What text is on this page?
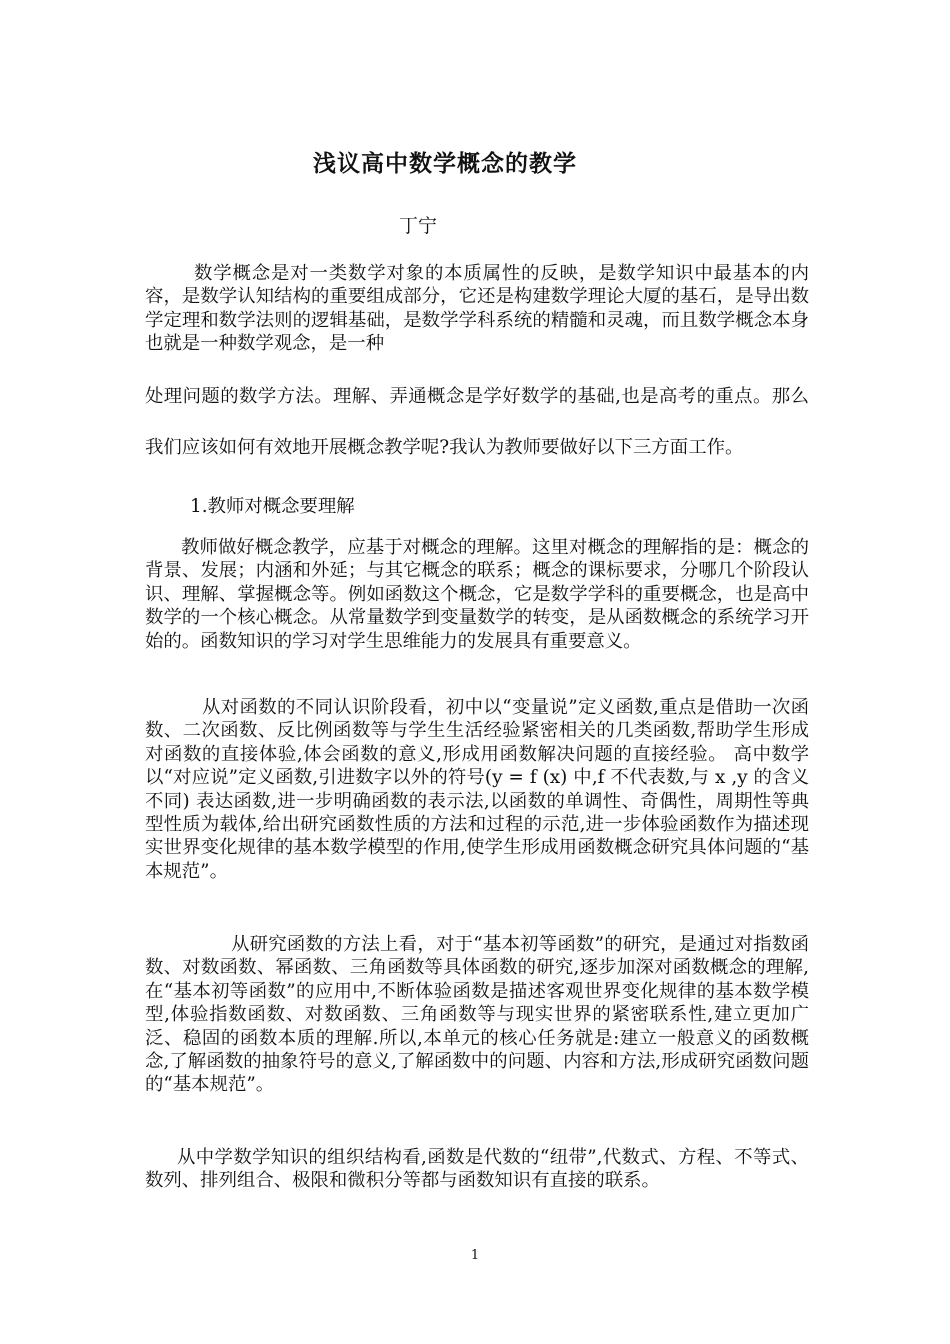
浅议高中数学概念的教学

丁宁

数学概念是对一类数学对象的本质属性的反映，是数学知识中最基本的内容，是数学认知结构的重要组成部分，它还是构建数学理论大厦的基石，是导出数学定理和数学法则的逻辑基础，是数学学科系统的精髓和灵魂，而且数学概念本身也就是一种数学观念，是一种

处理问题的数学方法。理解、弄通概念是学好数学的基础,也是高考的重点。那么我们应该如何有效地开展概念教学呢?我认为教师要做好以下三方面工作。

1.教师对概念要理解

教师做好概念教学，应基于对概念的理解。这里对概念的理解指的是：概念的背景、发展；内涵和外延；与其它概念的联系；概念的课标要求，分哪几个阶段认识、理解、掌握概念等。例如函数这个概念，它是数学学科的重要概念，也是高中数学的一个核心概念。从常量数学到变量数学的转变，是从函数概念的系统学习开始的。函数知识的学习对学生思维能力的发展具有重要意义。

从对函数的不同认识阶段看，初中以“变量说”定义函数,重点是借助一次函数、二次函数、反比例函数等与学生生活经验紧密相关的几类函数,帮助学生形成对函数的直接体验,体会函数的意义,形成用函数解决问题的直接经验。 高中数学以“对应说”定义函数,引进数字以外的符号(y = f (x) 中,f 不代表数,与 x ,y 的含义不同) 表达函数,进一步明确函数的表示法,以函数的单调性、奇偶性，周期性等典型性质为载体,给出研究函数性质的方法和过程的示范,进一步体验函数作为描述现实世界变化规律的基本数学模型的作用,使学生形成用函数概念研究具体问题的“基本规范”。

从研究函数的方法上看，对于“基本初等函数”的研究，是通过对指数函数、对数函数、幂函数、三角函数等具体函数的研究,逐步加深对函数概念的理解,在“基本初等函数”的应用中,不断体验函数是描述客观世界变化规律的基本数学模型,体验指数函数、对数函数、三角函数等与现实世界的紧密联系性,建立更加广泛、稳固的函数本质的理解.所以,本单元的核心任务就是:建立一般意义的函数概念,了解函数的抽象符号的意义,了解函数中的问题、内容和方法,形成研究函数问题的“基本规范”。

从中学数学知识的组织结构看,函数是代数的“纽带”,代数式、方程、不等式、数列、排列组合、极限和微积分等都与函数知识有直接的联系。

1
